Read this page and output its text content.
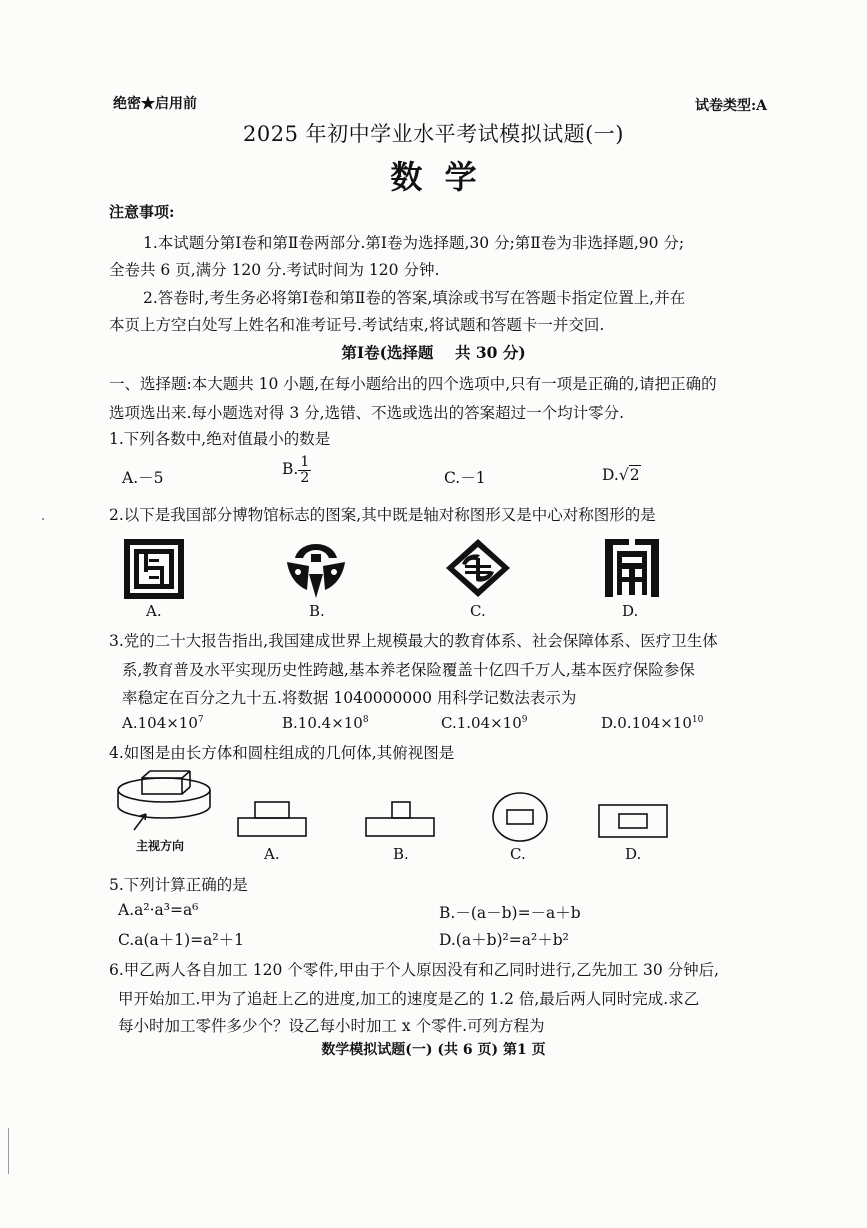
绝密★启用前	试卷类型:A
2025 年初中学业水平考试模拟试题(一)
数  学
注意事项:
1.本试题分第Ⅰ卷和第Ⅱ卷两部分.第Ⅰ卷为选择题,30 分;第Ⅱ卷为非选择题,90 分;
全卷共 6 页,满分 120 分.考试时间为 120 分钟.
2.答卷时,考生务必将第Ⅰ卷和第Ⅱ卷的答案,填涂或书写在答题卡指定位置上,并在
本页上方空白处写上姓名和准考证号.考试结束,将试题和答题卡一并交回.
第Ⅰ卷(选择题    共 30 分)
一、选择题:本大题共 10 小题,在每小题给出的四个选项中,只有一项是正确的,请把正确的
选项选出来.每小题选对得 3 分,选错、不选或选出的答案超过一个均计零分.
1.下列各数中,绝对值最小的数是
A.－5	B. $\frac{1}{2}$	C.－1	D.√2
2.以下是我国部分博物馆标志的图案,其中既是轴对称图形又是中心对称图形的是
A.	B.	C.	D.
3.党的二十大报告指出,我国建成世界上规模最大的教育体系、社会保障体系、医疗卫生体
系,教育普及水平实现历史性跨越,基本养老保险覆盖十亿四千万人,基本医疗保险参保
率稳定在百分之九十五.将数据 1040000000 用科学记数法表示为
$A.104\times 10^7$	$B.10.4\times 10^8$	$C.1.04\times 10^9$	$D.0.104\times 10^{10}$
4.如图是由长方体和圆柱组成的几何体,其俯视图是
主视方向	A.	B.	C.	D.
5.下列计算正确的是
A.a²·a³=a⁶	B.－(a－b)=－a＋b
C.a(a＋1)=a²＋1	D.(a＋b)²=a²＋b²
6.甲乙两人各自加工 120 个零件,甲由于个人原因没有和乙同时进行,乙先加工 30 分钟后,
甲开始加工.甲为了追赶上乙的进度,加工的速度是乙的 1.2 倍,最后两人同时完成.求乙
每小时加工零件多少个？设乙每小时加工 x 个零件.可列方程为
数学模拟试题(一) (共 6 页) 第1 页
